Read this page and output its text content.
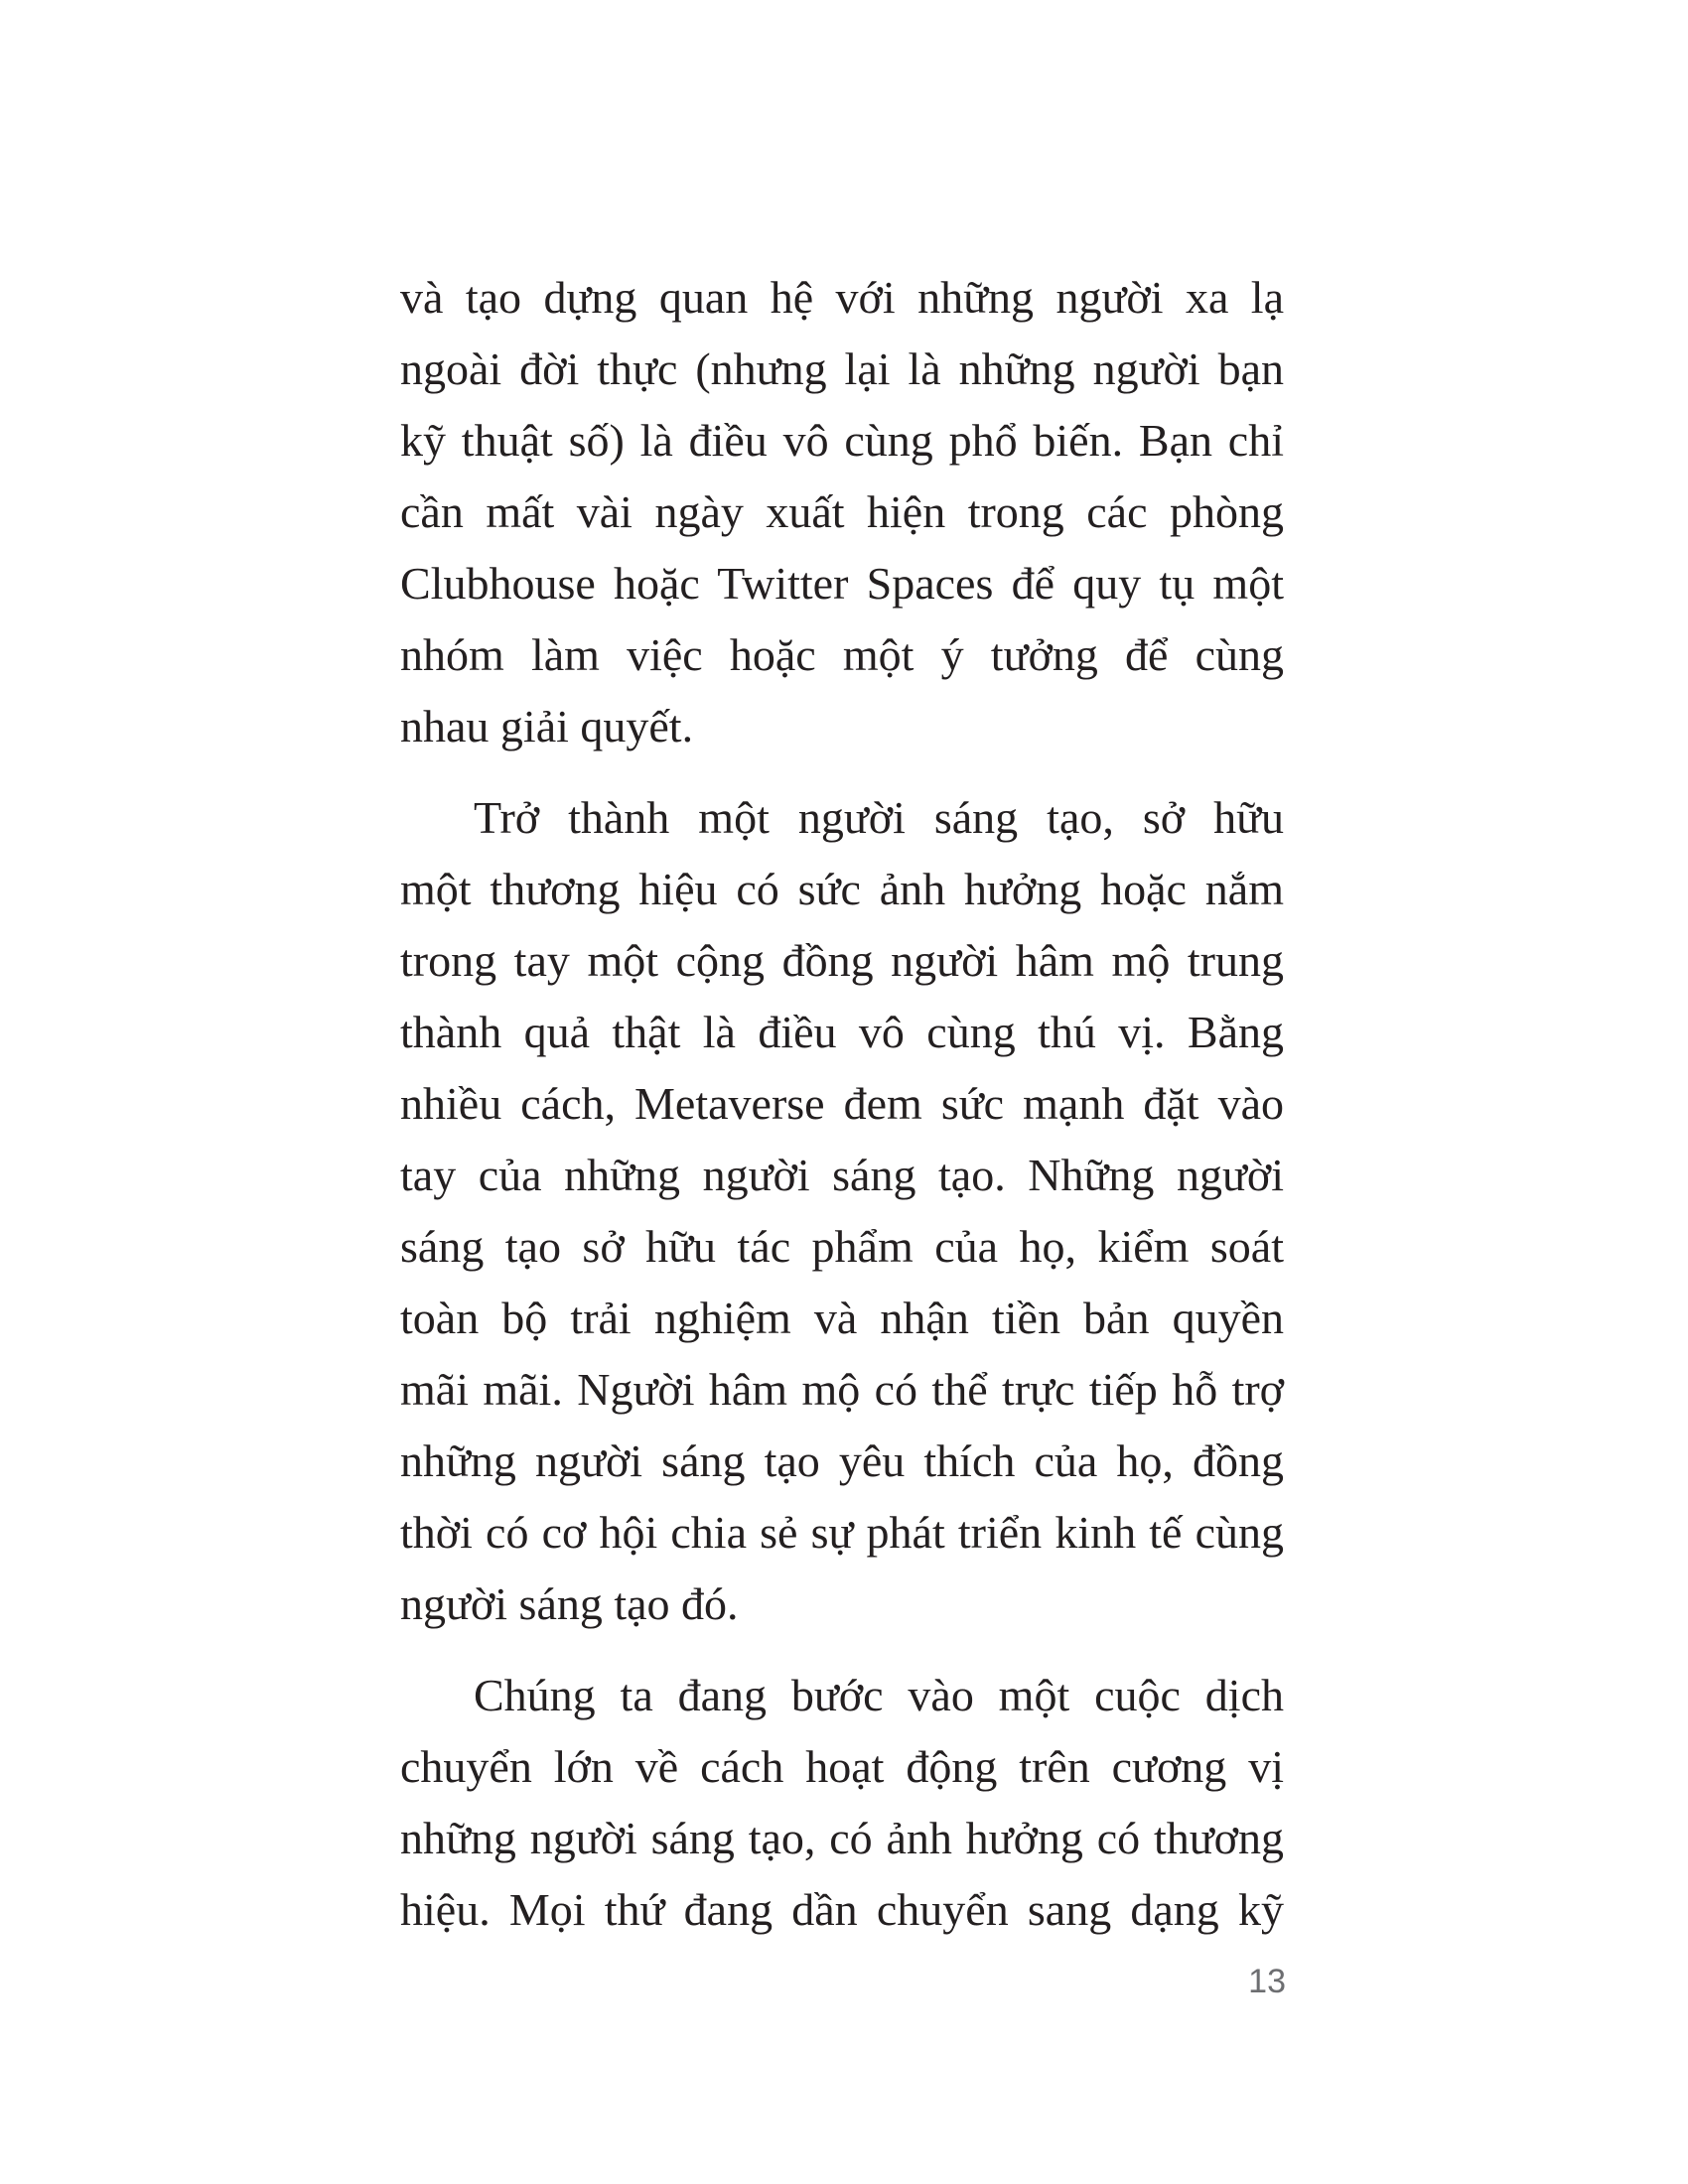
và tạo dựng quan hệ với những người xa lạ
ngoài đời thực (nhưng lại là những người bạn
kỹ thuật số) là điều vô cùng phổ biến. Bạn chỉ
cần mất vài ngày xuất hiện trong các phòng
Clubhouse hoặc Twitter Spaces để quy tụ một
nhóm làm việc hoặc một ý tưởng để cùng
nhau giải quyết.

Trở thành một người sáng tạo, sở hữu
một thương hiệu có sức ảnh hưởng hoặc nắm
trong tay một cộng đồng người hâm mộ trung
thành quả thật là điều vô cùng thú vị. Bằng
nhiều cách, Metaverse đem sức mạnh đặt vào
tay của những người sáng tạo. Những người
sáng tạo sở hữu tác phẩm của họ, kiểm soát
toàn bộ trải nghiệm và nhận tiền bản quyền
mãi mãi. Người hâm mộ có thể trực tiếp hỗ trợ
những người sáng tạo yêu thích của họ, đồng
thời có cơ hội chia sẻ sự phát triển kinh tế cùng
người sáng tạo đó.

Chúng ta đang bước vào một cuộc dịch
chuyển lớn về cách hoạt động trên cương vị
những người sáng tạo, có ảnh hưởng có thương
hiệu. Mọi thứ đang dần chuyển sang dạng kỹ

13
